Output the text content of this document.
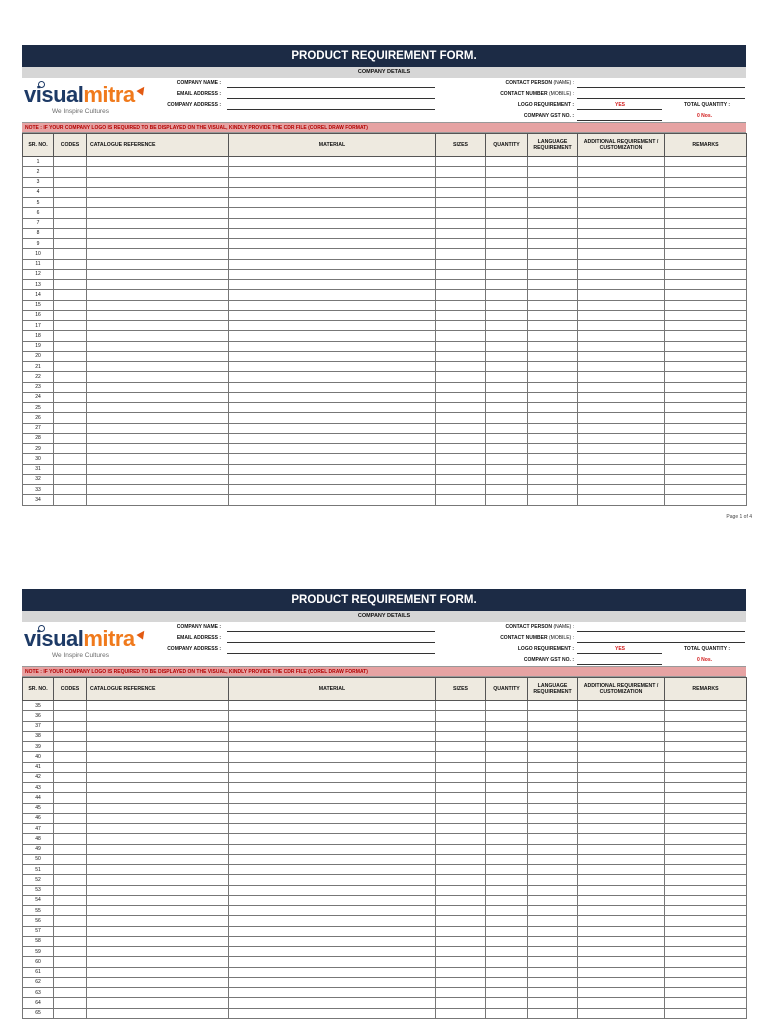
PRODUCT REQUIREMENT FORM.
COMPANY DETAILS
visualmitra
We Inspire Cultures
COMPANY NAME :
EMAIL ADDRESS :
COMPANY ADDRESS :
CONTACT PERSON (NAME) :
CONTACT NUMBER (MOBILE) :
LOGO REQUIREMENT :	YES
COMPANY GST NO. :
TOTAL QUANTITY :
0 Nos.
NOTE : IF YOUR COMPANY LOGO IS REQUIRED TO BE DISPLAYED ON THE VISUAL, KINDLY PROVIDE THE CDR FILE (COREL DRAW FORMAT)
SR. NO.	CODES	CATALOGUE REFERENCE	MATERIAL	SIZES	QUANTITY	LANGUAGE REQUIREMENT	ADDITIONAL REQUIREMENT / CUSTOMIZATION	REMARKS
1								
2								
3								
4								
5								
6								
7								
8								
9								
10								
11								
12								
13								
14								
15								
16								
17								
18								
19								
20								
21								
22								
23								
24								
25								
26								
27								
28								
29								
30								
31								
32								
33								
34								
Page 1 of 4
PRODUCT REQUIREMENT FORM.
COMPANY DETAILS
visualmitra
We Inspire Cultures
COMPANY NAME :
EMAIL ADDRESS :
COMPANY ADDRESS :
CONTACT PERSON (NAME) :
CONTACT NUMBER (MOBILE) :
LOGO REQUIREMENT :	YES
COMPANY GST NO. :
TOTAL QUANTITY :
0 Nos.
NOTE : IF YOUR COMPANY LOGO IS REQUIRED TO BE DISPLAYED ON THE VISUAL, KINDLY PROVIDE THE CDR FILE (COREL DRAW FORMAT)
SR. NO.	CODES	CATALOGUE REFERENCE	MATERIAL	SIZES	QUANTITY	LANGUAGE REQUIREMENT	ADDITIONAL REQUIREMENT / CUSTOMIZATION	REMARKS
35								
36								
37								
38								
39								
40								
41								
42								
43								
44								
45								
46								
47								
48								
49								
50								
51								
52								
53								
54								
55								
56								
57								
58								
59								
60								
61								
62								
63								
64								
65								
